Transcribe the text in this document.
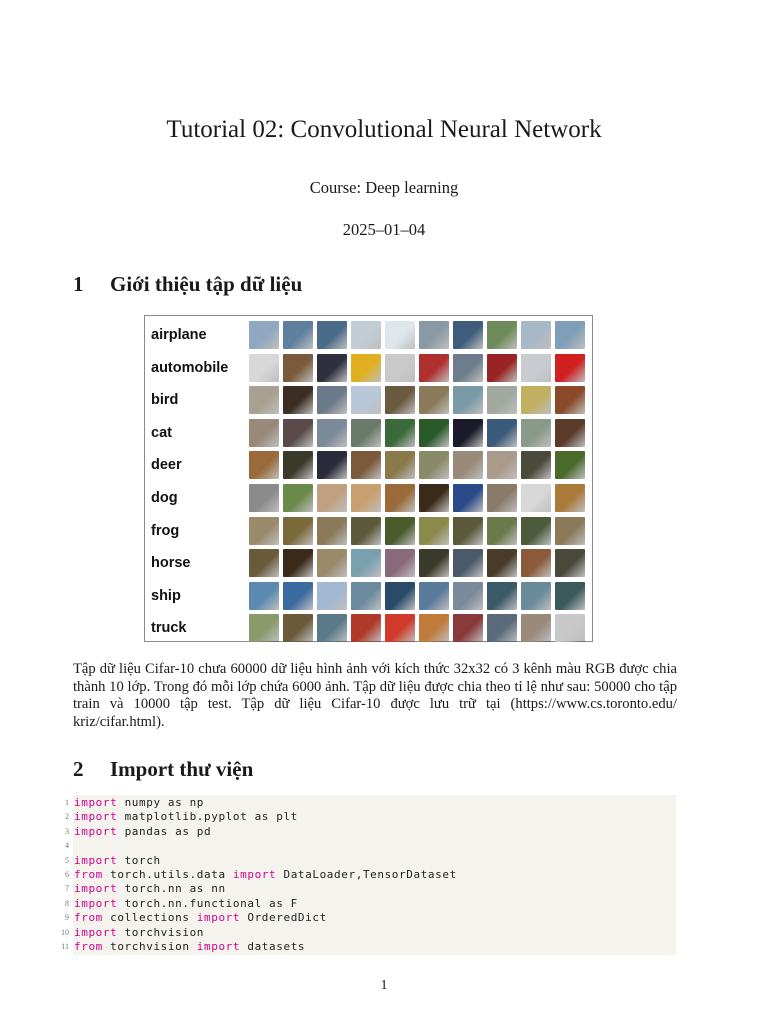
Tutorial 02: Convolutional Neural Network
Course: Deep learning
2025–01–04
1 Giới thiệu tập dữ liệu
airplane
automobile
bird
cat
deer
dog
frog
horse
ship
truck

Tập dữ liệu Cifar-10 chưa 60000 dữ liệu hình ảnh với kích thức 32x32 có 3 kênh màu RGB được chia thành 10 lớp. Trong đó mỗi lớp chứa 6000 ảnh. Tập dữ liệu được chia theo tỉ lệ như sau: 50000 cho tập train và 10000 tập test. Tập dữ liệu Cifar-10 được lưu trữ tại (https://www.cs.toronto.edu/ kriz/cifar.html).

2 Import thư viện
1 import numpy as np
2 import matplotlib.pyplot as plt
3 import pandas as pd
4
5 import torch
6 from torch.utils.data import DataLoader,TensorDataset
7 import torch.nn as nn
8 import torch.nn.functional as F
9 from collections import OrderedDict
10 import torchvision
11 from torchvision import datasets
1
